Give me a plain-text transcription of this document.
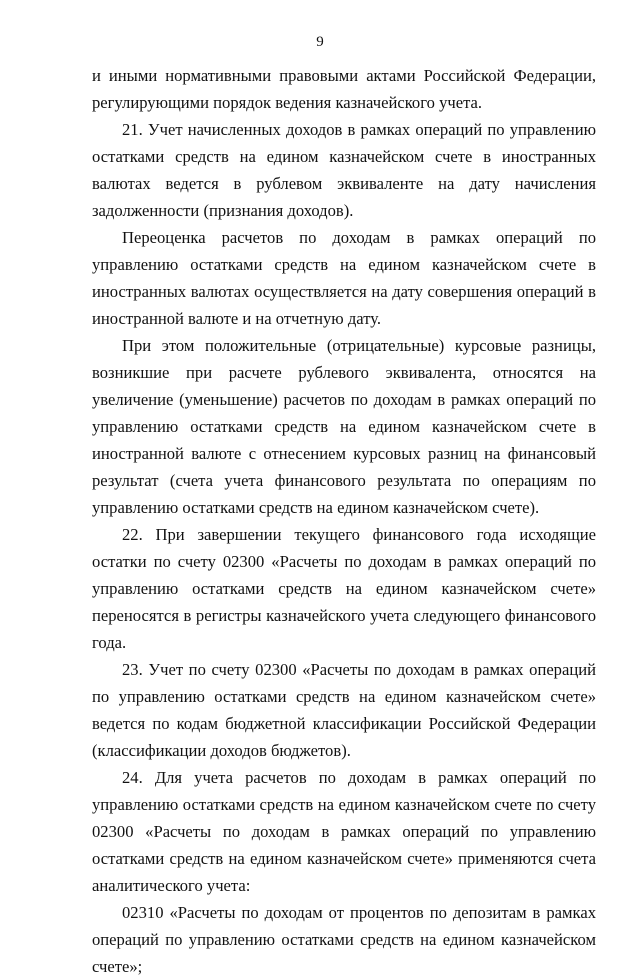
9

и иными нормативными правовыми актами Российской Федерации, регулирующими порядок ведения казначейского учета.

21. Учет начисленных доходов в рамках операций по управлению остатками средств на едином казначейском счете в иностранных валютах ведется в рублевом эквиваленте на дату начисления задолженности (признания доходов).

Переоценка расчетов по доходам в рамках операций по управлению остатками средств на едином казначейском счете в иностранных валютах осуществляется на дату совершения операций в иностранной валюте и на отчетную дату.

При этом положительные (отрицательные) курсовые разницы, возникшие при расчете рублевого эквивалента, относятся на увеличение (уменьшение) расчетов по доходам в рамках операций по управлению остатками средств на едином казначейском счете в иностранной валюте с отнесением курсовых разниц на финансовый результат (счета учета финансового результата по операциям по управлению остатками средств на едином казначейском счете).

22. При завершении текущего финансового года исходящие остатки по счету 02300 «Расчеты по доходам в рамках операций по управлению остатками средств на едином казначейском счете» переносятся в регистры казначейского учета следующего финансового года.

23. Учет по счету 02300 «Расчеты по доходам в рамках операций по управлению остатками средств на едином казначейском счете» ведется по кодам бюджетной классификации Российской Федерации (классификации доходов бюджетов).

24. Для учета расчетов по доходам в рамках операций по управлению остатками средств на едином казначейском счете по счету 02300 «Расчеты по доходам в рамках операций по управлению остатками средств на едином казначейском счете» применяются счета аналитического учета:

02310 «Расчеты по доходам от процентов по депозитам в рамках операций по управлению остатками средств на едином казначейском счете»;
